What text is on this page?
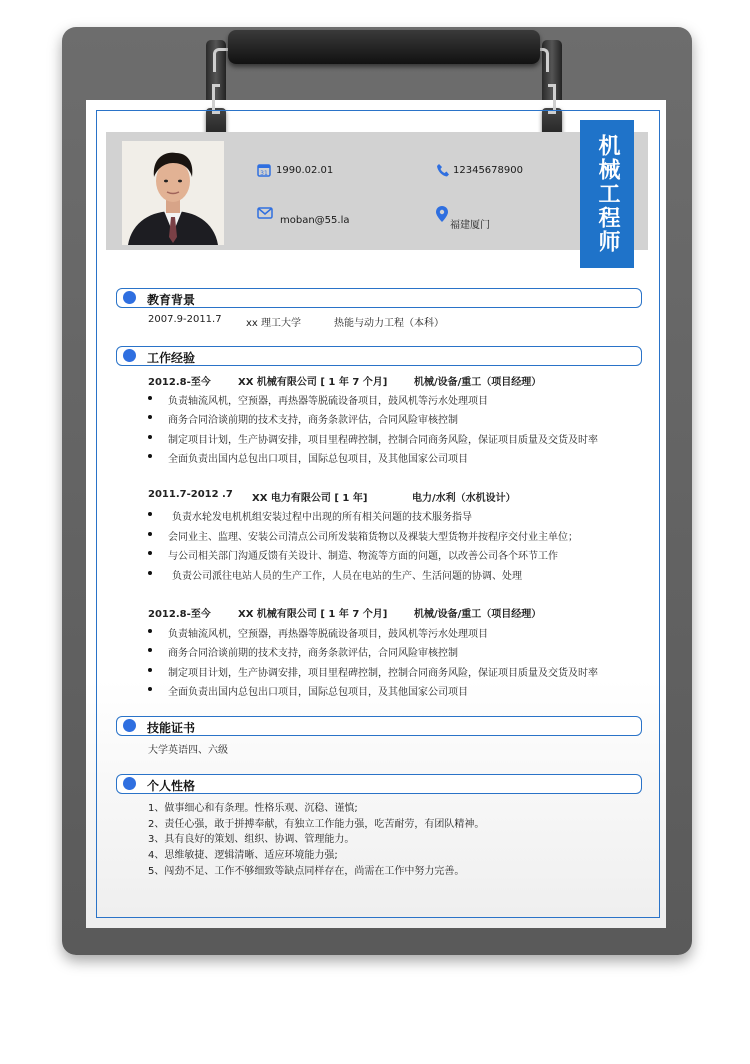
31 1990.02.01	12345678900
moban@55.la	福建厦门	机械工程师
教育背景
2007.9-2011.7 xx 理工大学	热能与动力工程（本科）
工作经验
2012.8-至今	XX 机械有限公司 [ 1 年 7 个月]	机械/设备/重工（项目经理）
负责轴流风机，空预器，再热器等脱硫设备项目，鼓风机等污水处理项目
商务合同洽谈前期的技术支持，商务条款评估，合同风险审核控制
制定项目计划，生产协调安排，项目里程碑控制，控制合同商务风险，保证项目质量及交货及时率
全面负责出国内总包出口项目，国际总包项目，及其他国家公司项目
2011.7-2012 .7 XX 电力有限公司 [ 1 年]	电力/水利（水机设计）
负责水轮发电机机组安装过程中出现的所有相关问题的技术服务指导
会同业主、监理、安装公司清点公司所发装箱货物以及裸装大型货物并按程序交付业主单位；
与公司相关部门沟通反馈有关设计、制造、物流等方面的问题，以改善公司各个环节工作
负责公司派往电站人员的生产工作，人员在电站的生产、生活问题的协调、处理
2012.8-至今	XX 机械有限公司 [ 1 年 7 个月]	机械/设备/重工（项目经理）
负责轴流风机，空预器，再热器等脱硫设备项目，鼓风机等污水处理项目
商务合同洽谈前期的技术支持，商务条款评估，合同风险审核控制
制定项目计划，生产协调安排，项目里程碑控制，控制合同商务风险，保证项目质量及交货及时率
全面负责出国内总包出口项目，国际总包项目，及其他国家公司项目
技能证书
大学英语四、六级
个人性格
1、做事细心和有条理。性格乐观、沉稳、谨慎;
2、责任心强，敢于拼搏奉献，有独立工作能力强，吃苦耐劳，有团队精神。
3、具有良好的策划、组织、协调、管理能力。
4、思维敏捷、逻辑清晰、适应环境能力强;
5、闯劲不足、工作不够细致等缺点同样存在，尚需在工作中努力完善。
